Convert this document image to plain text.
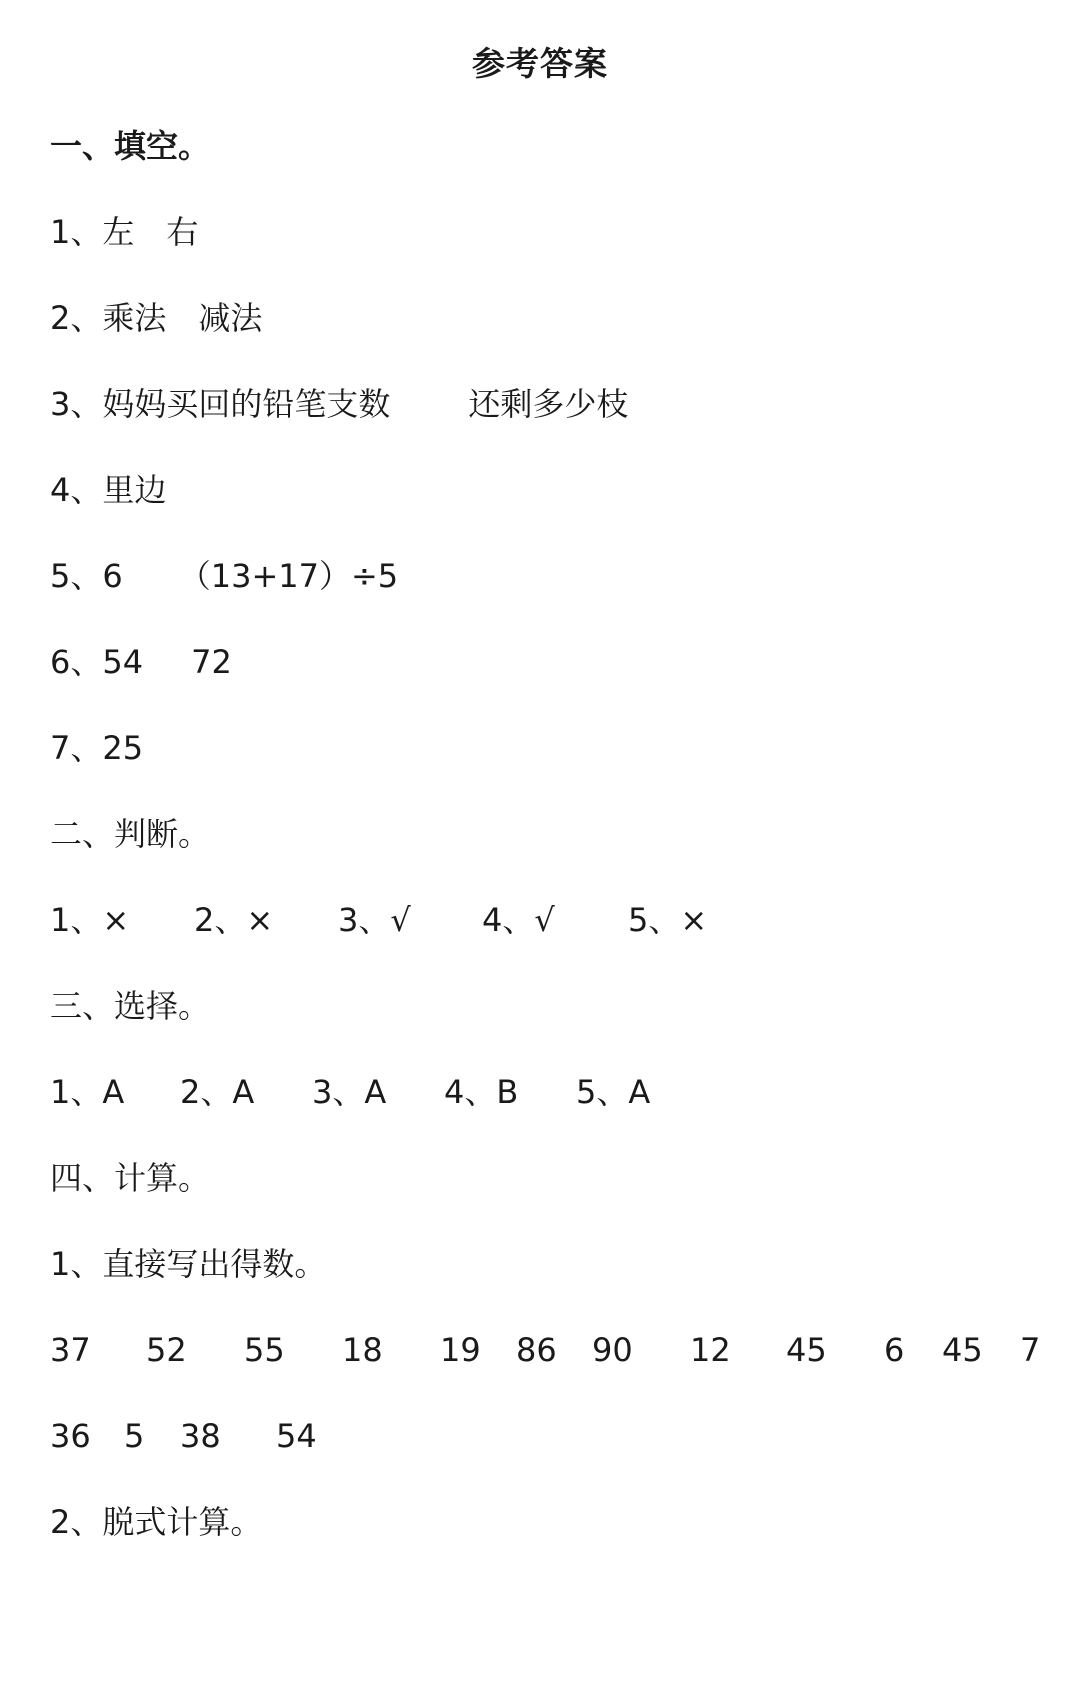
参考答案
一、填空。
1、左 右
2、乘法 减法
3、妈妈买回的铅笔支数 还剩多少枝
4、里边
5、6 （13+17）÷5
6、54 72
7、25
二、判断。
1、× 2、× 3、√ 4、√ 5、×
三、选择。
1、A 2、A 3、A 4、B 5、A
四、计算。
1、直接写出得数。
37 52 55 18 19 86 90 12 45 6 45 7
36 5 38 54
2、脱式计算。
